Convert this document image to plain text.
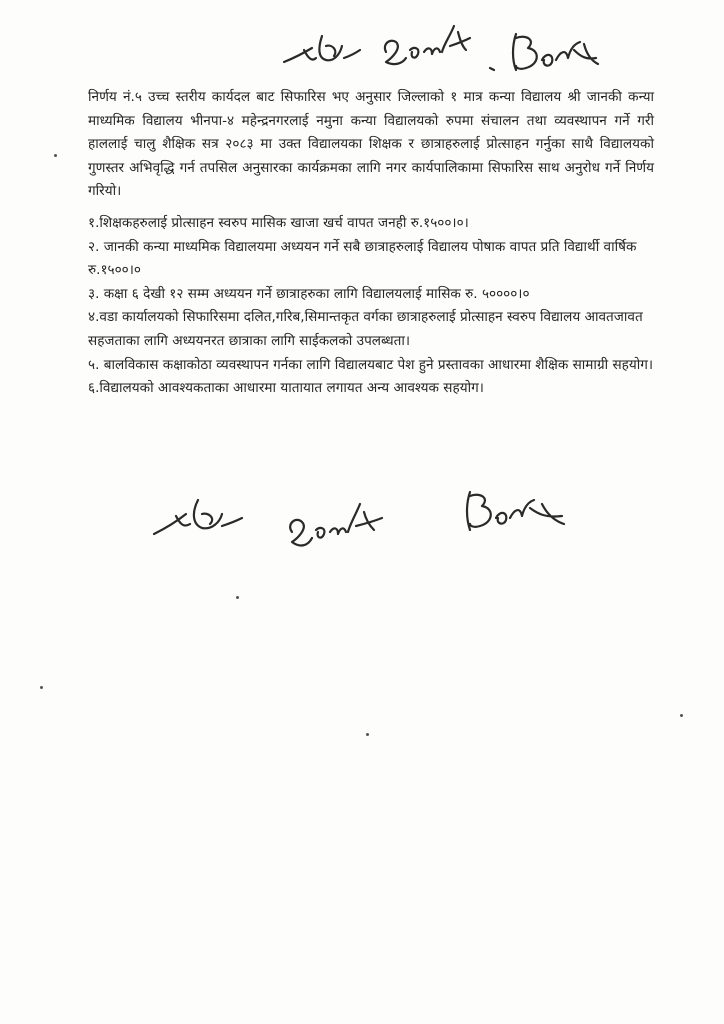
निर्णय नं.५ उच्च स्तरीय कार्यदल बाट सिफारिस भए अनुसार जिल्लाको १ मात्र कन्या विद्यालय श्री जानकी कन्या माध्यमिक विद्यालय भीनपा-४ महेन्द्रनगरलाई नमुना कन्या विद्यालयको रुपमा संचालन तथा व्यवस्थापन गर्ने गरी हाललाई चालु शैक्षिक सत्र २०८३ मा उक्त विद्यालयका शिक्षक र छात्राहरुलाई प्रोत्साहन गर्नुका साथै विद्यालयको गुणस्तर अभिवृद्धि गर्न तपसिल अनुसारका कार्यक्रमका लागि नगर कार्यपालिकामा सिफारिस साथ अनुरोध गर्ने निर्णय गरियो।

१.शिक्षकहरुलाई प्रोत्साहन स्वरुप मासिक खाजा खर्च वापत जनही रु.१५००।०।

२. जानकी कन्या माध्यमिक विद्यालयमा अध्ययन गर्ने सबै छात्राहरुलाई विद्यालय पोषाक वापत प्रति विद्यार्थी वार्षिक रु.१५००।०

३. कक्षा ६ देखी १२ सम्म अध्ययन गर्ने छात्राहरुका लागि विद्यालयलाई मासिक रु. ५००००।०

४.वडा कार्यालयको सिफारिसमा दलित,गरिब,सिमान्तकृत वर्गका छात्राहरुलाई प्रोत्साहन स्वरुप विद्यालय आवतजावत सहजताका लागि अध्ययनरत छात्राका लागि साईकलको उपलब्धता।

५. बालविकास कक्षाकोठा व्यवस्थापन गर्नका लागि विद्यालयबाट पेश हुने प्रस्तावका आधारमा शैक्षिक सामाग्री सहयोग।

६.विद्यालयको आवश्यकताका आधारमा यातायात लगायत अन्य आवश्यक सहयोग।
